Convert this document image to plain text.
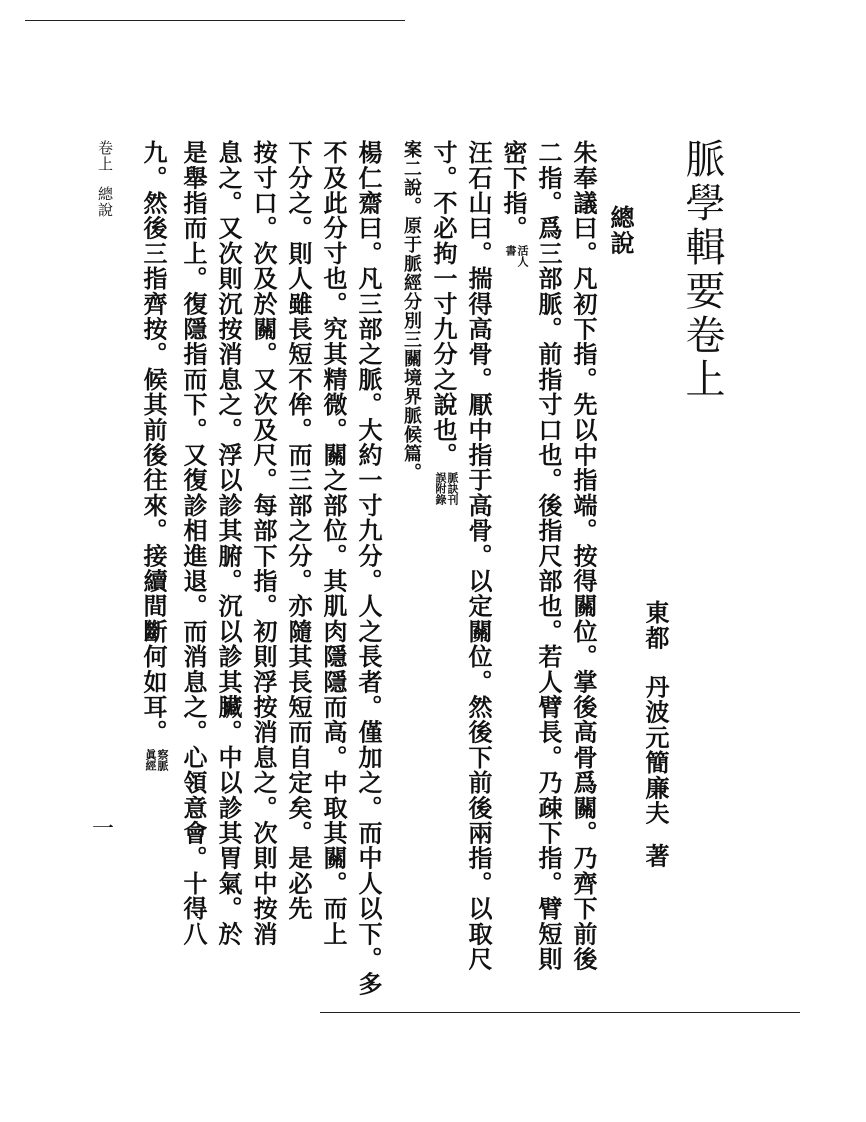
脈學輯要卷上
東都丹波元簡廉夫著
總說
朱奉議曰。凡初下指。先以中指端。按得關位。掌後高骨爲關。乃齊下前後
二指。爲三部脈。前指寸口也。後指尺部也。若人臂長。乃疎下指。臂短則
密下指。活人書
汪石山曰。揣得高骨。厭中指于高骨。以定關位。然後下前後兩指。以取尺
寸。不必拘一寸九分之說也。脈訣刊誤附錄
案二說。原于脈經分別三關境界脈候篇。
楊仁齋曰。凡三部之脈。大約一寸九分。人之長者。僅加之。而中人以下。多
不及此分寸也。究其精微。關之部位。其肌肉隱隱而高。中取其關。而上
下分之。則人雖長短不侔。而三部之分。亦隨其長短而自定矣。是必先
按寸口。次及於關。又次及尺。每部下指。初則浮按消息之。次則中按消
息之。又次則沉按消息之。浮以診其腑。沉以診其臟。中以診其胃氣。於
是舉指而上。復隱指而下。又復診相進退。而消息之。心領意會。十得八
九。然後三指齊按。候其前後往來。接續間斷何如耳。察脈眞經
卷上總說
一
